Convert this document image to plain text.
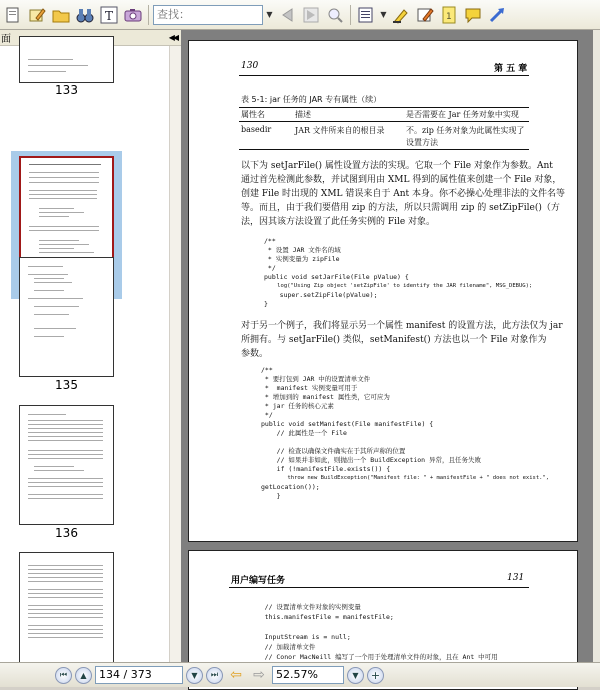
T
查找：	▼	▼	1
面	◀◀
133
135
136
130	第 五 章
表 5-1: jar 任务的 JAR 专有属性（续）
属性名	描述	是否需要在 Jar 任务对象中实现
basedir	JAR 文件所来自的根目录	不。zip 任务对象为此属性实现了
设置方法
以下为 setJarFile() 属性设置方法的实现。它取一个 File 对象作为参数。Ant
通过首先检测此参数，并试图到用由 XML 得到的属性值来创建一个 File 对象，
创建 File 时出现的 XML 错误来自于 Ant 本身。你不必操心处理非法的文件名等
等。而且，由于我们要借用 zip 的方法，所以只需调用 zip 的 setZipFile()（方
法，因其该方法设置了此任务实例的 File 对象。
/**
* 设置 JAR 文件名的域
* 实例变量为 zipFile
*/
public void setJarFile(File pValue) {
log("Using Zip object 'setZipFile' to identify the JAR filename", MSG_DEBUG);
super.setZipFile(pValue);
}
对于另一个例子，我们将显示另一个属性 manifest 的设置方法，此方法仅为 jar
所拥有。与 setJarFile() 类似，setManifest() 方法也以一个 File 对象作为
参数。
/**
* 要打包到 JAR 中的设置清单文件
*  manifest 实例变量可用于
* 增加到的 manifest 属性类，它可应为
* jar 任务的核心元素
*/
public void setManifest(File manifestFile) {
// 此属性是一个 File
// 检查以确保文件确实在于其所声称的位置
// 如果并非如此，则抛出一个 BuildException 异常，且任务失败
if (!manifestFile.exists()) {
throw new BuildException("Manifest file: " + manifestFile + " does not exist.",
getLocation());
}
用户编写任务	131
// 设置清单文件对象的实例变量
this.manifestFile = manifestFile;
InputStream is = null;
// 加载清单文件
// Conor MacNeill 编写了一个用于处理清单文件的对象，且在 Ant 中可用
⏮	▲	134 / 373	▼	⏭ ⇦ ⇨	52.57%	▼	+
